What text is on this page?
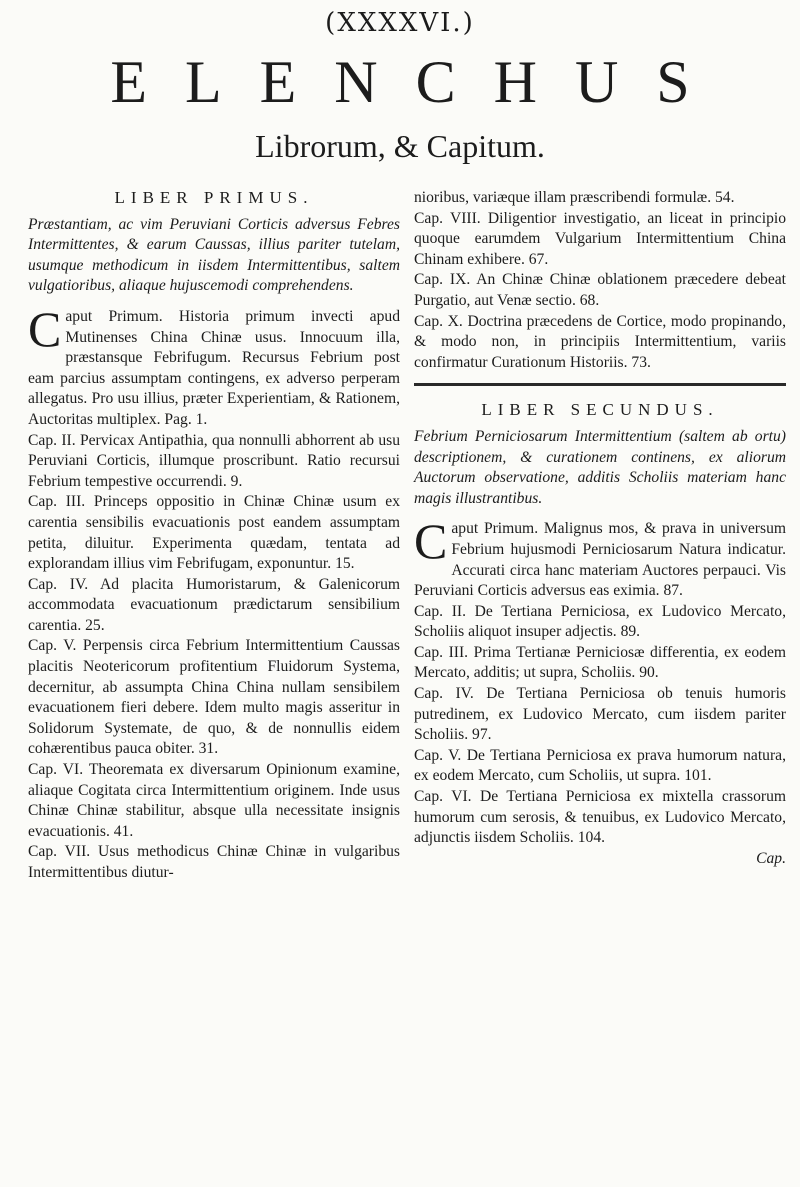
(XXXXVI.)
ELENCHUS
Librorum, & Capitum.

LIBER PRIMUS.

Præstantiam, ac vim Peruviani Corticis adversus Febres Intermittentes, & earum Caussas, illius pariter tutelam, usumque methodicum in iisdem Intermittentibus, saltem vulgatioribus, aliaque hujuscemodi comprehendens.

Caput Primum. Historia primum invecti apud Mutinenses China Chinæ usus. Innocuum illa, præstansque Febrifugum. Recursus Febrium post eam parcius assumptam contingens, ex adverso perperam allegatus. Pro usu illius, præter Experientiam, & Rationem, Auctoritas multiplex. Pag. 1.

Cap. II. Pervicax Antipathia, qua nonnulli abhorrent ab usu Peruviani Corticis, illumque proscribunt. Ratio recursui Febrium tempestive occurrendi. 9.

Cap. III. Princeps oppositio in Chinæ Chinæ usum ex carentia sensibilis evacuationis post eandem assumptam petita, diluitur. Experimenta quædam, tentata ad explorandam illius vim Febrifugam, exponuntur. 15.

Cap. IV. Ad placita Humoristarum, & Galenicorum accommodata evacuationum prædictarum sensibilium carentia. 25.

Cap. V. Perpensis circa Febrium Intermittentium Caussas placitis Neotericorum profitentium Fluidorum Systema, decernitur, ab assumpta China China nullam sensibilem evacuationem fieri debere. Idem multo magis asseritur in Solidorum Systemate, de quo, & de nonnullis eidem cohærentibus pauca obiter. 31.

Cap. VI. Theoremata ex diversarum Opinionum examine, aliaque Cogitata circa Intermittentium originem. Inde usus Chinæ Chinæ stabilitur, absque ulla necessitate insignis evacuationis. 41.

Cap. VII. Usus methodicus Chinæ Chinæ in vulgaribus Intermittentibus diutur-

nioribus, variæque illam præscribendi formulæ. 54.

Cap. VIII. Diligentior investigatio, an liceat in principio quoque earumdem Vulgarium Intermittentium China Chinam exhibere. 67.

Cap. IX. An Chinæ Chinæ oblationem præcedere debeat Purgatio, aut Venæ sectio. 68.

Cap. X. Doctrina præcedens de Cortice, modo propinando, & modo non, in principiis Intermittentium, variis confirmatur Curationum Historiis. 73.

LIBER SECUNDUS.

Febrium Perniciosarum Intermittentium (saltem ab ortu) descriptionem, & curationem continens, ex aliorum Auctorum observatione, additis Scholiis materiam hanc magis illustrantibus.

Caput Primum. Malignus mos, & prava in universum Febrium hujusmodi Perniciosarum Natura indicatur. Accurati circa hanc materiam Auctores perpauci. Vis Peruviani Corticis adversus eas eximia. 87.

Cap. II. De Tertiana Perniciosa, ex Ludovico Mercato, Scholiis aliquot insuper adjectis. 89.

Cap. III. Prima Tertianæ Perniciosæ differentia, ex eodem Mercato, additis; ut supra, Scholiis. 90.

Cap. IV. De Tertiana Perniciosa ob tenuis humoris putredinem, ex Ludovico Mercato, cum iisdem pariter Scholiis. 97.

Cap. V. De Tertiana Perniciosa ex prava humorum natura, ex eodem Mercato, cum Scholiis, ut supra. 101.

Cap. VI. De Tertiana Perniciosa ex mixtella crassorum humorum cum serosis, & tenuibus, ex Ludovico Mercato, adjunctis iisdem Scholiis. 104.

Cap.
